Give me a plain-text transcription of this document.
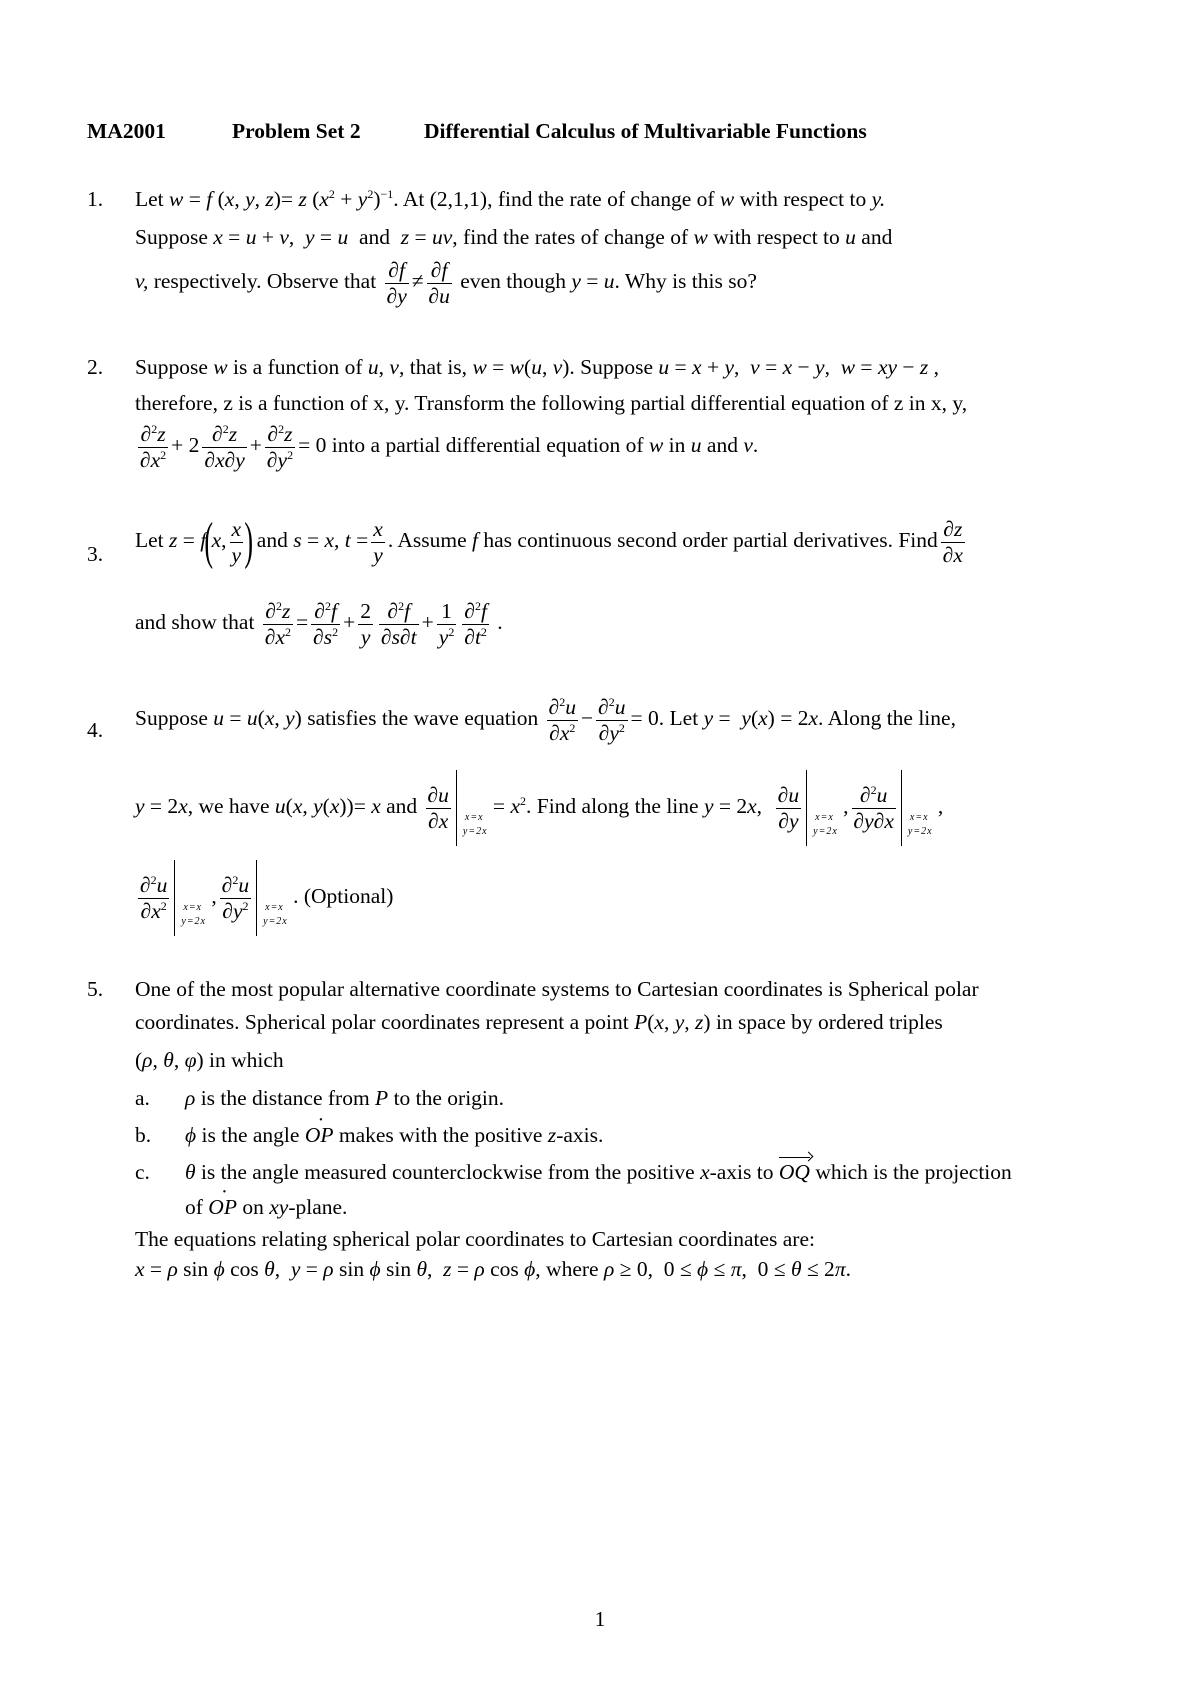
MA2001	Problem Set 2	Differential Calculus of Multivariable Functions
1. Let w = f (x, y, z)= z $(x^2 + y^2)^{-1}$. At (2,1,1), find the rate of change of w with respect to y.
Suppose x = u + v,  y = u  and  z = uv, find the rates of change of w with respect to u and
v, respectively. Observe that $\frac{\partial f}{\partial y} \ne \frac{\partial f}{\partial u}$ even though y = u. Why is this so?
2. Suppose w is a function of u, v, that is, w = w(u, v). Suppose u = x + y,  v = x − y,  w = xy − z ,
therefore, z is a function of x, y. Transform the following partial differential equation of z in x, y,
$\frac{\partial^2z}{\partial x^2} + 2 \frac{\partial^2z}{\partial x\partial y} + \frac{\partial^2z}{\partial y^2} = 0$ into a partial differential equation of w in u and v.
3.
Let z = f(x, $\frac{x}{y}$ ) and s = x, $t = \frac{x}{y}$ . Assume f has continuous second order partial derivatives. Find $\frac{\partial z}{\partial x}$
and show that $\frac{\partial^2z}{\partial x^2} = \frac{\partial^2f}{\partial s^2} + \frac{2}{y} \frac{\partial^2f}{\partial s\partial t} + \frac{1}{y^2} \frac{\partial^2f}{\partial t^2}$ .
4. Suppose u = u(x, y) satisfies the wave equation $\frac{\partial^2u}{\partial x^2} - \frac{\partial^2u}{\partial y^2} = 0$. Let y =  y(x) = 2x. Along the line,
y = 2x, we have u(x, y(x))= x and $\frac{\partial u}{\partial x} x=x$
y=2x
= $x^2$. Find along the line y = 2x, $\frac{\partial u}{\partial y} x=x$
y=2x
, $\frac{\partial^2u}{\partial y\partial x} x=x$
y=2x
,
$\frac{\partial^2u}{\partial x^2} x=x$
y=2x
, $\frac{\partial^2u}{\partial y^2} x=x$
y=2x
. (Optional)
5. One of the most popular alternative coordinate systems to Cartesian coordinates is Spherical polar
coordinates. Spherical polar coordinates represent a point P(x, y, z) in space by ordered triples
(ρ, θ, φ) in which
a. ρ is the distance from P to the origin.
b. ϕ is the angle OP · makes with the positive z-axis.
c. θ is the angle measured counterclockwise from the positive x-axis to OQ which is the projection
of OP · on xy-plane.
The equations relating spherical polar coordinates to Cartesian coordinates are:
x = ρ sin ϕ cos θ,  y = ρ sin ϕ sin θ,  z = ρ cos ϕ, where ρ ≥ 0,  0 ≤ ϕ ≤ π,  0 ≤ θ ≤ 2π.
1
